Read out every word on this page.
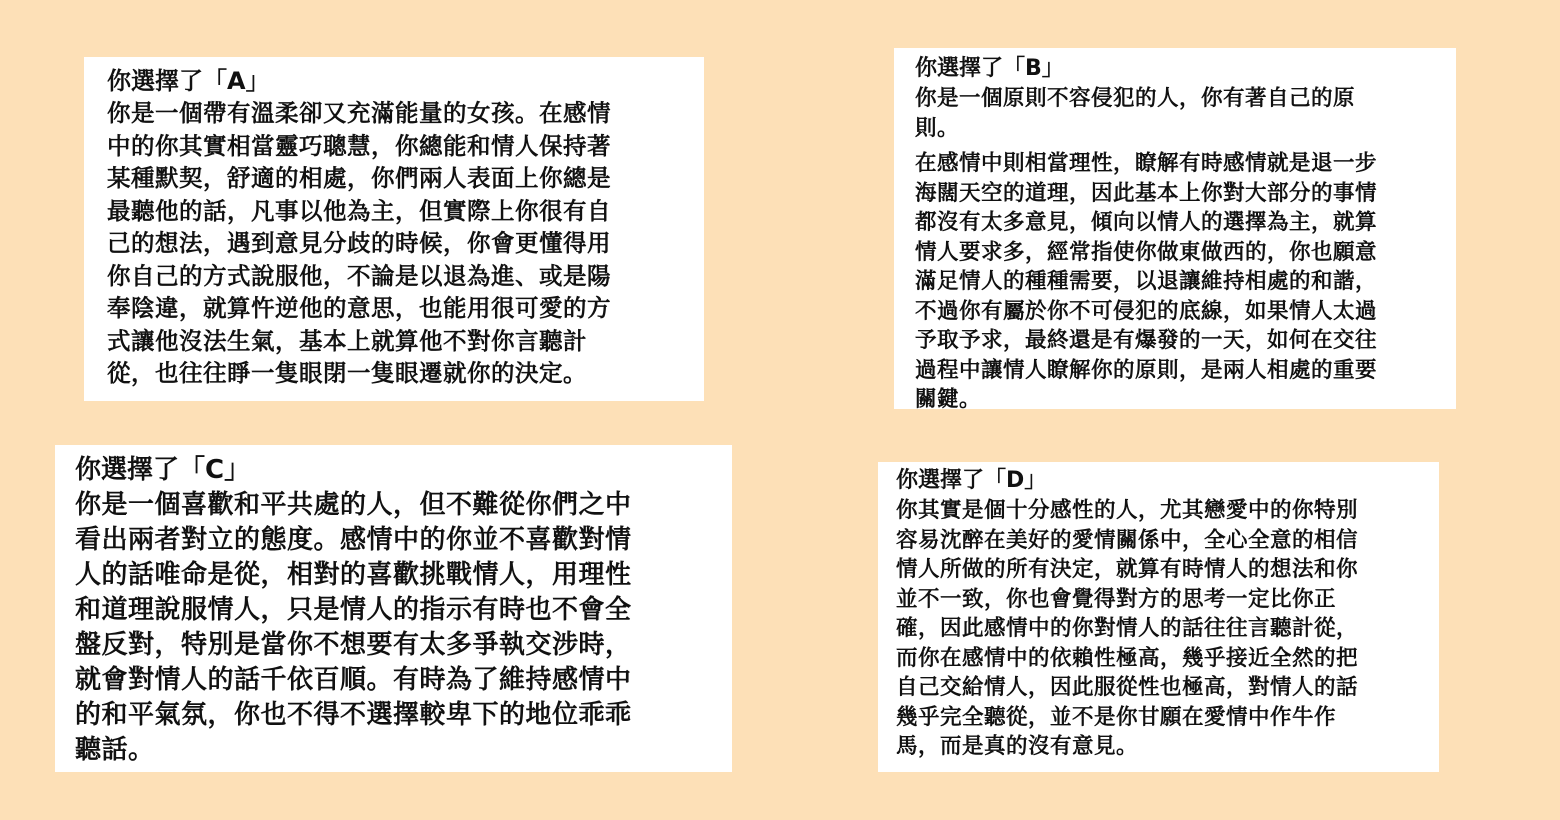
你選擇了「A」

你是一個帶有溫柔卻又充滿能量的女孩。在感情
中的你其實相當靈巧聰慧，你總能和情人保持著
某種默契，舒適的相處，你們兩人表面上你總是
最聽他的話，凡事以他為主，但實際上你很有自
己的想法，遇到意見分歧的時候，你會更懂得用
你自己的方式說服他，不論是以退為進、或是陽
奉陰違，就算忤逆他的意思，也能用很可愛的方
式讓他沒法生氣，基本上就算他不對你言聽計
從，也往往睜一隻眼閉一隻眼遷就你的決定。

你選擇了「B」

你是一個原則不容侵犯的人，你有著自己的原
則。

在感情中則相當理性，瞭解有時感情就是退一步
海闊天空的道理，因此基本上你對大部分的事情
都沒有太多意見，傾向以情人的選擇為主，就算
情人要求多，經常指使你做東做西的，你也願意
滿足情人的種種需要，以退讓維持相處的和諧，
不過你有屬於你不可侵犯的底線，如果情人太過
予取予求，最終還是有爆發的一天，如何在交往
過程中讓情人瞭解你的原則，是兩人相處的重要
關鍵。

你選擇了「C」

你是一個喜歡和平共處的人，但不難從你們之中
看出兩者對立的態度。感情中的你並不喜歡對情
人的話唯命是從，相對的喜歡挑戰情人，用理性
和道理說服情人，只是情人的指示有時也不會全
盤反對，特別是當你不想要有太多爭執交涉時，
就會對情人的話千依百順。有時為了維持感情中
的和平氣氛，你也不得不選擇較卑下的地位乖乖
聽話。

你選擇了「D」

你其實是個十分感性的人，尤其戀愛中的你特別
容易沈醉在美好的愛情關係中，全心全意的相信
情人所做的所有決定，就算有時情人的想法和你
並不一致，你也會覺得對方的思考一定比你正
確，因此感情中的你對情人的話往往言聽計從，
而你在感情中的依賴性極高，幾乎接近全然的把
自己交給情人，因此服從性也極高，對情人的話
幾乎完全聽從，並不是你甘願在愛情中作牛作
馬，而是真的沒有意見。
